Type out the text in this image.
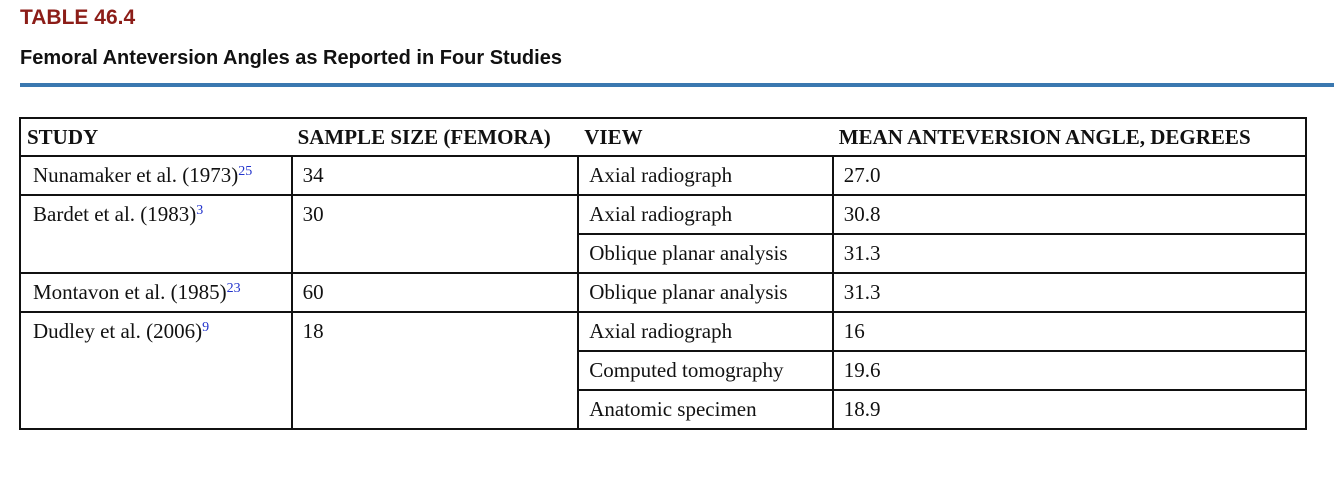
TABLE 46.4
Femoral Anteversion Angles as Reported in Four Studies
STUDY	SAMPLE SIZE (FEMORA)	VIEW	MEAN ANTEVERSION ANGLE, DEGREES
Nunamaker et al. (1973)$^{25}$	34	Axial radiograph	27.0
Bardet et al. (1983)$^3$	30	Axial radiograph	30.8
		Oblique planar analysis	31.3
Montavon et al. (1985)$^{23}$	60	Oblique planar analysis	31.3
Dudley et al. (2006)$^9$	18	Axial radiograph	16
		Computed tomography	19.6
		Anatomic specimen	18.9
